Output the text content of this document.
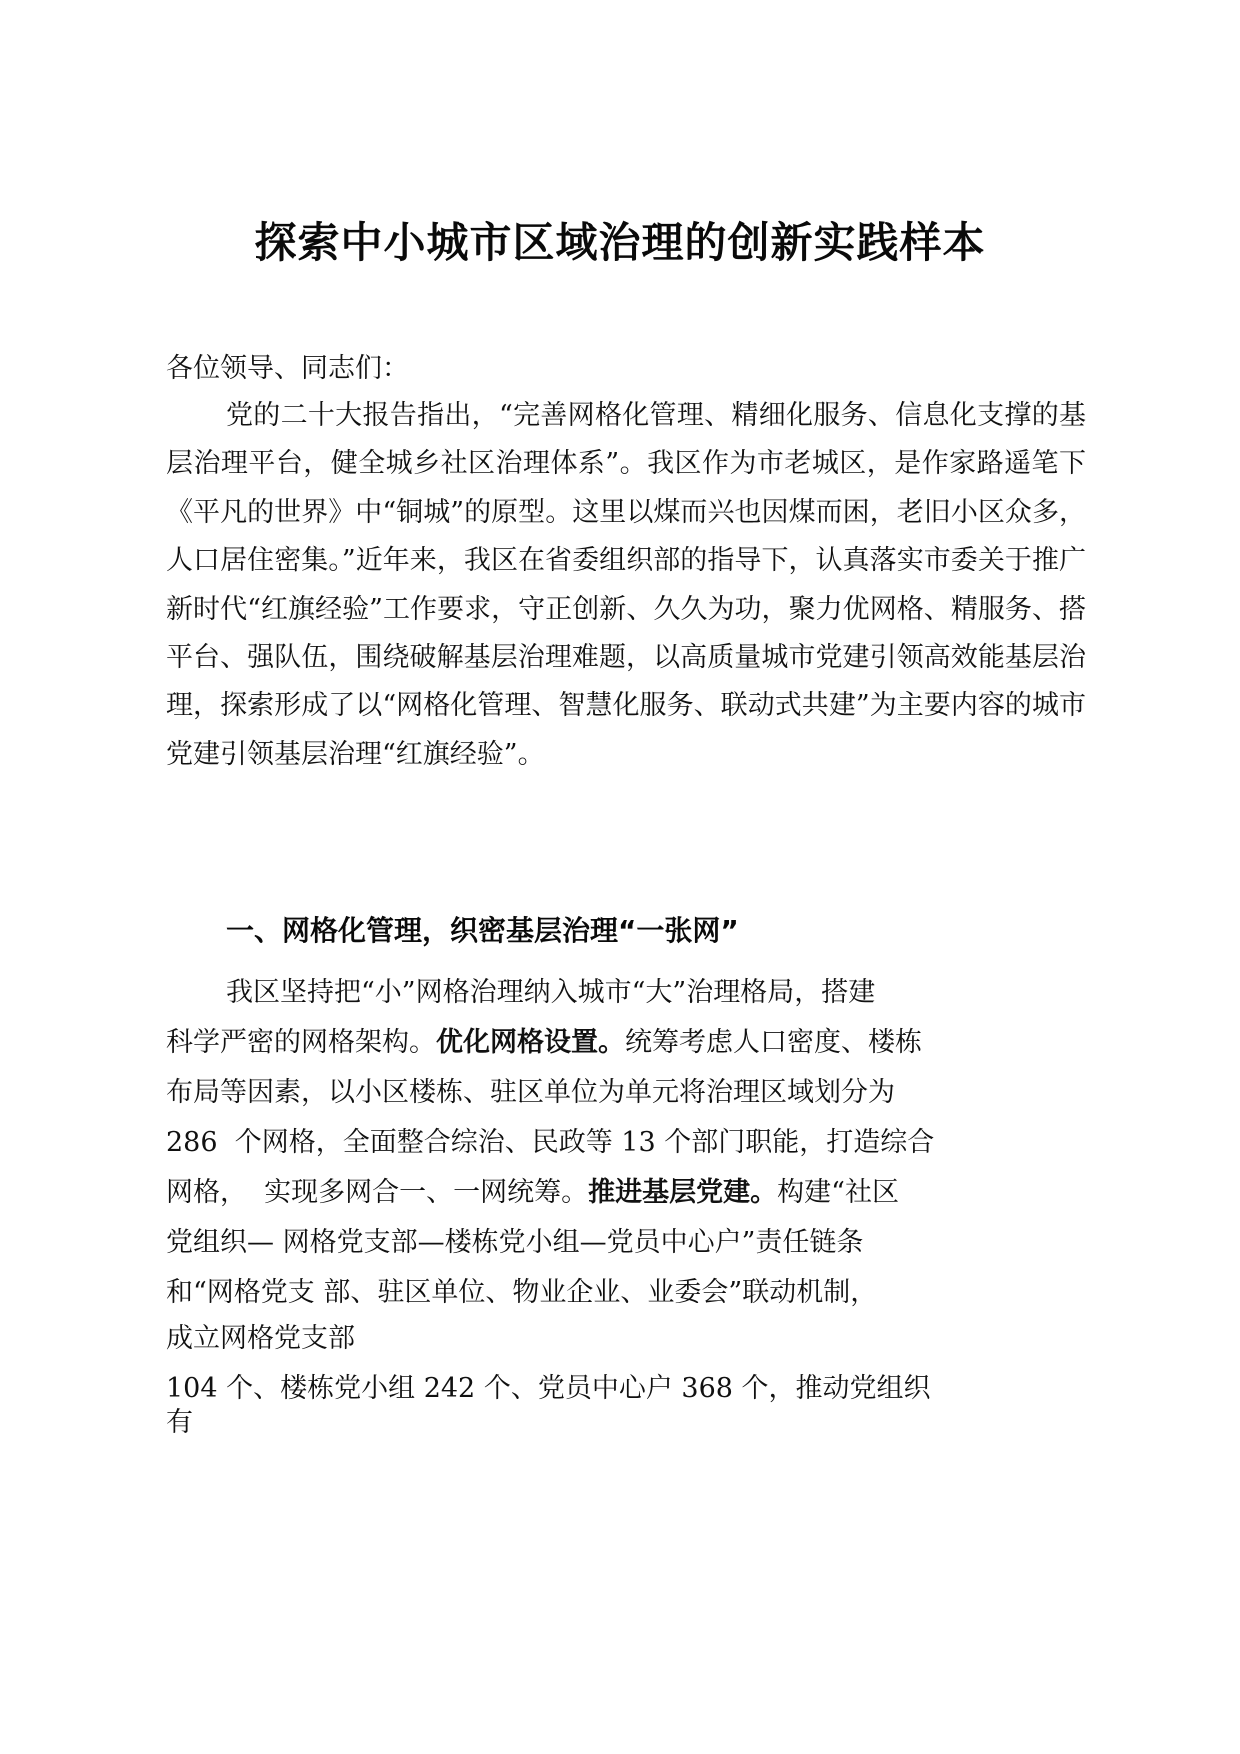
探索中小城市区域治理的创新实践样本
各位领导、同志们：
党的二十大报告指出，“完善网格化管理、精细化服务、信息化支撑的基层治理平台，健全城乡社区治理体系”。我区作为市老城区，是作家路遥笔下《平凡的世界》中“铜城”的原型。这里以煤而兴也因煤而困，老旧小区众多，人口居住密集。”近年来，我区在省委组织部的指导下，认真落实市委关于推广新时代“红旗经验”工作要求，守正创新、久久为功，聚力优网格、精服务、搭平台、强队伍，围绕破解基层治理难题，以高质量城市党建引领高效能基层治理，探索形成了以“网格化管理、智慧化服务、联动式共建”为主要内容的城市党建引领基层治理“红旗经验”。
一、网格化管理，织密基层治理“一张网”
我区坚持把“小”网格治理纳入城市“大”治理格局，搭建
科学严密的网格架构。优化网格设置。统筹考虑人口密度、楼栋
布局等因素，以小区楼栋、驻区单位为单元将治理区域划分为
286  个网格，全面整合综治、民政等 13 个部门职能，打造综合
网格，  实现多网合一、一网统筹。推进基层党建。构建“社区
党组织— 网格党支部—楼栋党小组—党员中心户”责任链条
和“网格党支 部、驻区单位、物业企业、业委会”联动机制，
成立网格党支部
104 个、楼栋党小组 242 个、党员中心户 368 个，推动党组织
有
